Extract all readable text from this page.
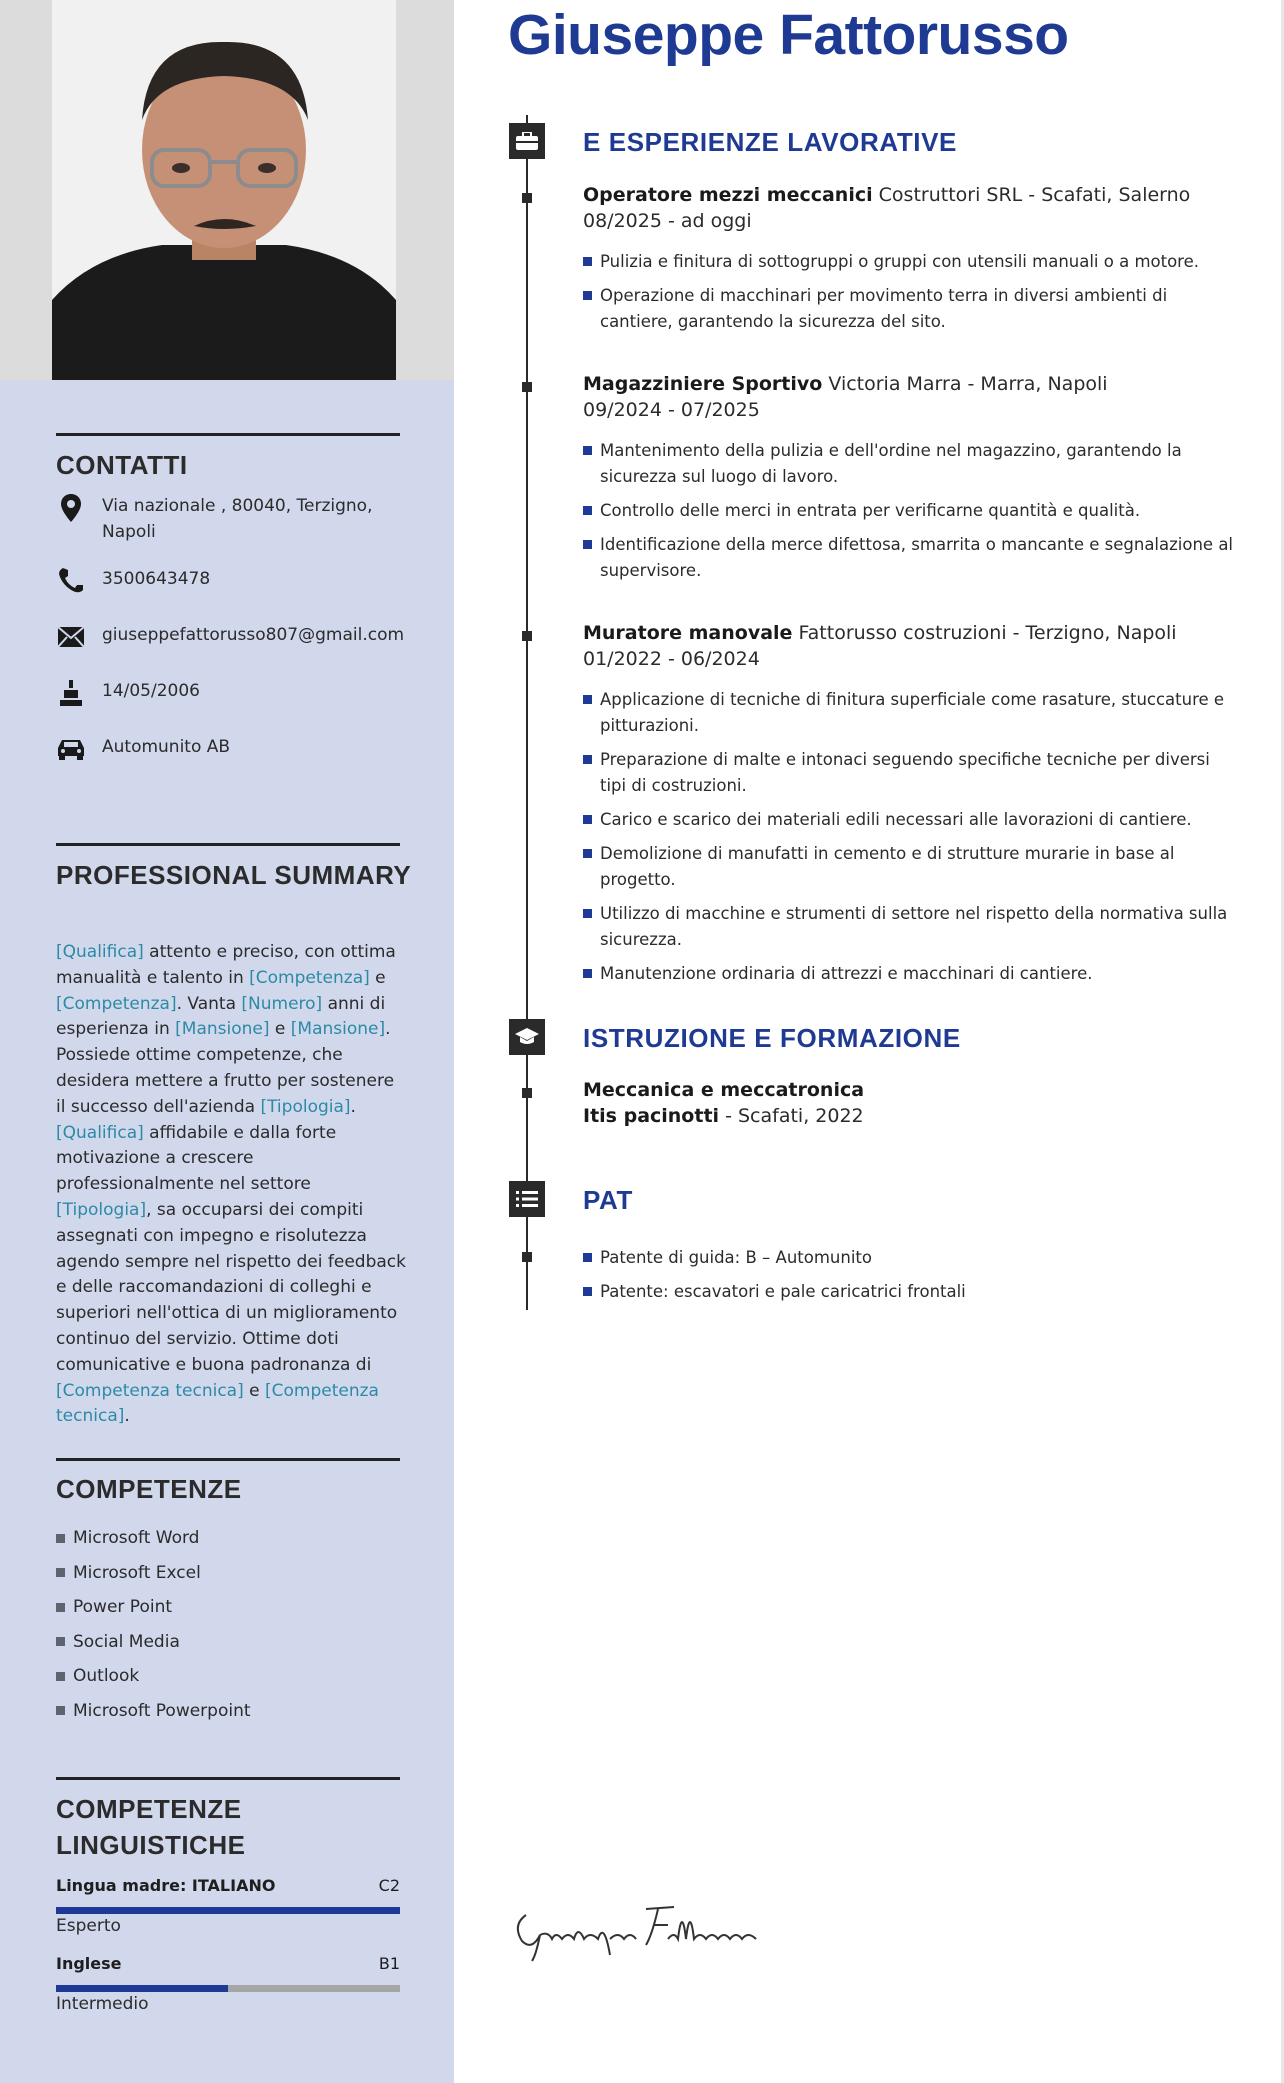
CONTATTI
Via nazionale , 80040, Terzigno, Napoli
3500643478
giuseppefattorusso807@gmail.com
14/05/2006
Automunito AB
PROFESSIONAL SUMMARY

[Qualifica] attento e preciso, con ottima manualità e talento in [Competenza] e [Competenza]. Vanta [Numero] anni di esperienza in [Mansione] e [Mansione]. Possiede ottime competenze, che desidera mettere a frutto per sostenere il successo dell'azienda [Tipologia]. [Qualifica] affidabile e dalla forte motivazione a crescere professionalmente nel settore [Tipologia], sa occuparsi dei compiti assegnati con impegno e risolutezza agendo sempre nel rispetto dei feedback e delle raccomandazioni di colleghi e superiori nell'ottica di un miglioramento continuo del servizio. Ottime doti comunicative e buona padronanza di [Competenza tecnica] e [Competenza tecnica].

COMPETENZE
Microsoft Word
Microsoft Excel
Power Point
Social Media
Outlook
Microsoft Powerpoint
COMPETENZE LINGUISTICHE
Lingua madre: ITALIANO	C2
Esperto
Inglese	B1
Intermedio
Giuseppe Fattorusso
E ESPERIENZE LAVORATIVE
Operatore mezzi meccanici Costruttori SRL - Scafati, Salerno
08/2025 - ad oggi
Pulizia e finitura di sottogruppi o gruppi con utensili manuali o a motore.
Operazione di macchinari per movimento terra in diversi ambienti di cantiere, garantendo la sicurezza del sito.
Magazziniere Sportivo Victoria Marra - Marra, Napoli
09/2024 - 07/2025
Mantenimento della pulizia e dell'ordine nel magazzino, garantendo la sicurezza sul luogo di lavoro.
Controllo delle merci in entrata per verificarne quantità e qualità.
Identificazione della merce difettosa, smarrita o mancante e segnalazione al supervisore.
Muratore manovale Fattorusso costruzioni - Terzigno, Napoli
01/2022 - 06/2024
Applicazione di tecniche di finitura superficiale come rasature, stuccature e pitturazioni.
Preparazione di malte e intonaci seguendo specifiche tecniche per diversi tipi di costruzioni.
Carico e scarico dei materiali edili necessari alle lavorazioni di cantiere.
Demolizione di manufatti in cemento e di strutture murarie in base al progetto.
Utilizzo di macchine e strumenti di settore nel rispetto della normativa sulla sicurezza.
Manutenzione ordinaria di attrezzi e macchinari di cantiere.
ISTRUZIONE E FORMAZIONE
Meccanica e meccatronica
Itis pacinotti - Scafati, 2022
PAT
Patente di guida: B – Automunito
Patente: escavatori e pale caricatrici frontali
